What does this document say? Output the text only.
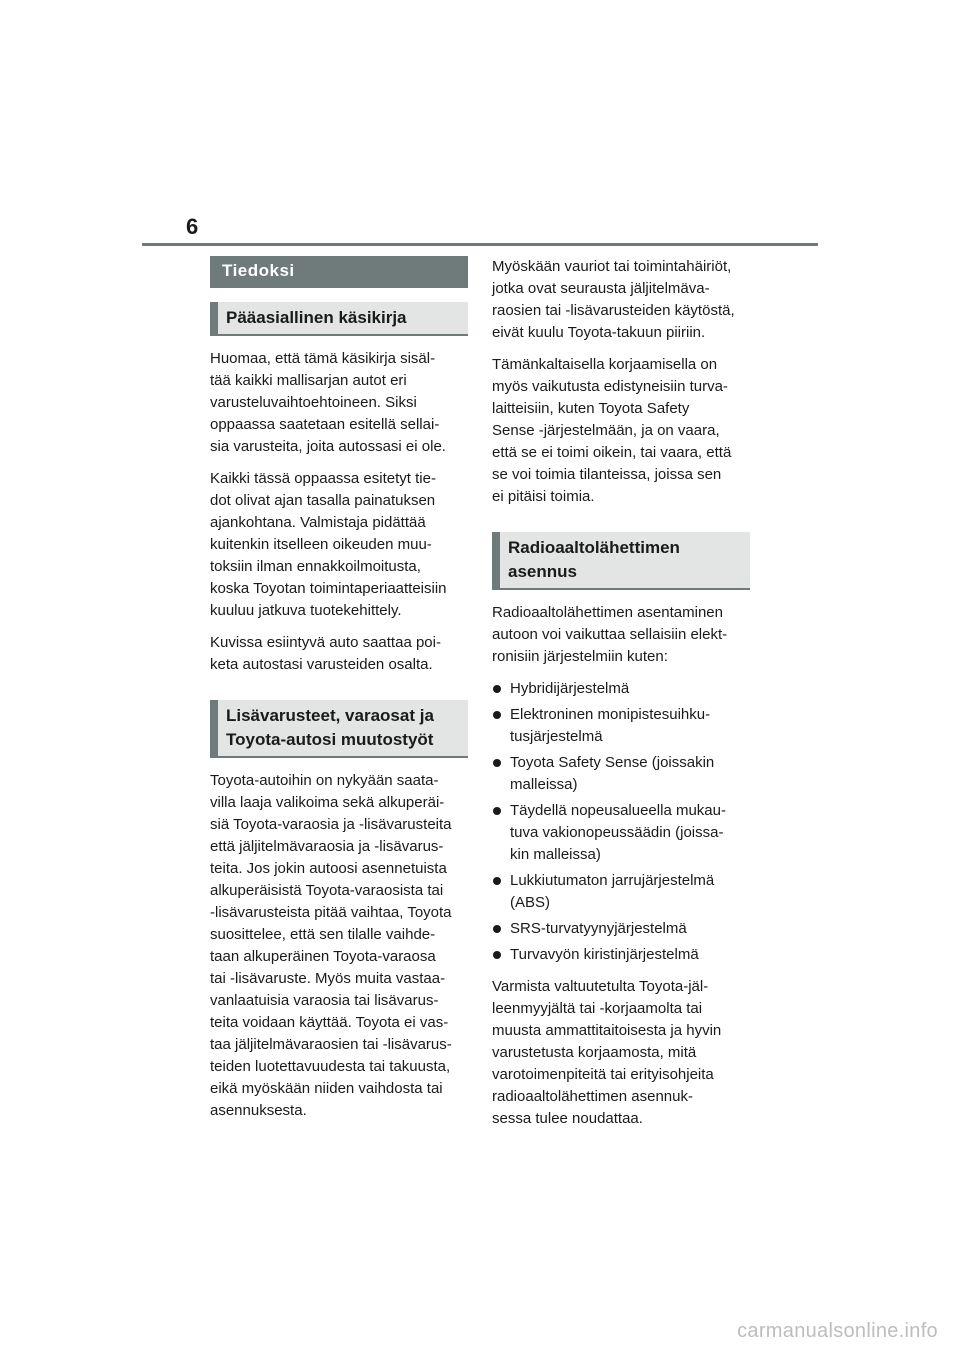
6
Tiedoksi
Pääasiallinen käsikirja

Huomaa, että tämä käsikirja sisäl-
tää kaikki mallisarjan autot eri
varusteluvaihtoehtoineen. Siksi
oppaassa saatetaan esitellä sellai-
sia varusteita, joita autossasi ei ole.

Kaikki tässä oppaassa esitetyt tie-
dot olivat ajan tasalla painatuksen
ajankohtana. Valmistaja pidättää
kuitenkin itselleen oikeuden muu-
toksiin ilman ennakkoilmoitusta,
koska Toyotan toimintaperiaatteisiin
kuuluu jatkuva tuotekehittely.

Kuvissa esiintyvä auto saattaa poi-
keta autostasi varusteiden osalta.

Lisävarusteet, varaosat ja
Toyota-autosi muutostyöt

Toyota-autoihin on nykyään saata-
villa laaja valikoima sekä alkuperäi-
siä Toyota-varaosia ja -lisävarusteita
että jäljitelmävaraosia ja -lisävarus-
teita. Jos jokin autoosi asennetuista
alkuperäisistä Toyota-varaosista tai
-lisävarusteista pitää vaihtaa, Toyota
suosittelee, että sen tilalle vaihde-
taan alkuperäinen Toyota-varaosa
tai -lisävaruste. Myös muita vastaa-
vanlaatuisia varaosia tai lisävarus-
teita voidaan käyttää. Toyota ei vas-
taa jäljitelmävaraosien tai -lisävarus-
teiden luotettavuudesta tai takuusta,
eikä myöskään niiden vaihdosta tai
asennuksesta.

Myöskään vauriot tai toimintahäiriöt,
jotka ovat seurausta jäljitelmäva-
raosien tai -lisävarusteiden käytöstä,
eivät kuulu Toyota-takuun piiriin.

Tämänkaltaisella korjaamisella on
myös vaikutusta edistyneisiin turva-
laitteisiin, kuten Toyota Safety
Sense -järjestelmään, ja on vaara,
että se ei toimi oikein, tai vaara, että
se voi toimia tilanteissa, joissa sen
ei pitäisi toimia.

Radioaaltolähettimen
asennus

Radioaaltolähettimen asentaminen
autoon voi vaikuttaa sellaisiin elekt-
ronisiin järjestelmiin kuten:

Hybridijärjestelmä
Elektroninen monipistesuihku-
tusjärjestelmä
Toyota Safety Sense (joissakin
malleissa)
Täydellä nopeusalueella mukau-
tuva vakionopeussäädin (joissa-
kin malleissa)
Lukkiutumaton jarrujärjestelmä
(ABS)
SRS-turvatyynyjärjestelmä
Turvavyön kiristinjärjestelmä

Varmista valtuutetulta Toyota-jäl-
leenmyyjältä tai -korjaamolta tai
muusta ammattitaitoisesta ja hyvin
varustetusta korjaamosta, mitä
varotoimenpiteitä tai erityisohjeita
radioaaltolähettimen asennuk-
sessa tulee noudattaa.

carmanualsonline.info
